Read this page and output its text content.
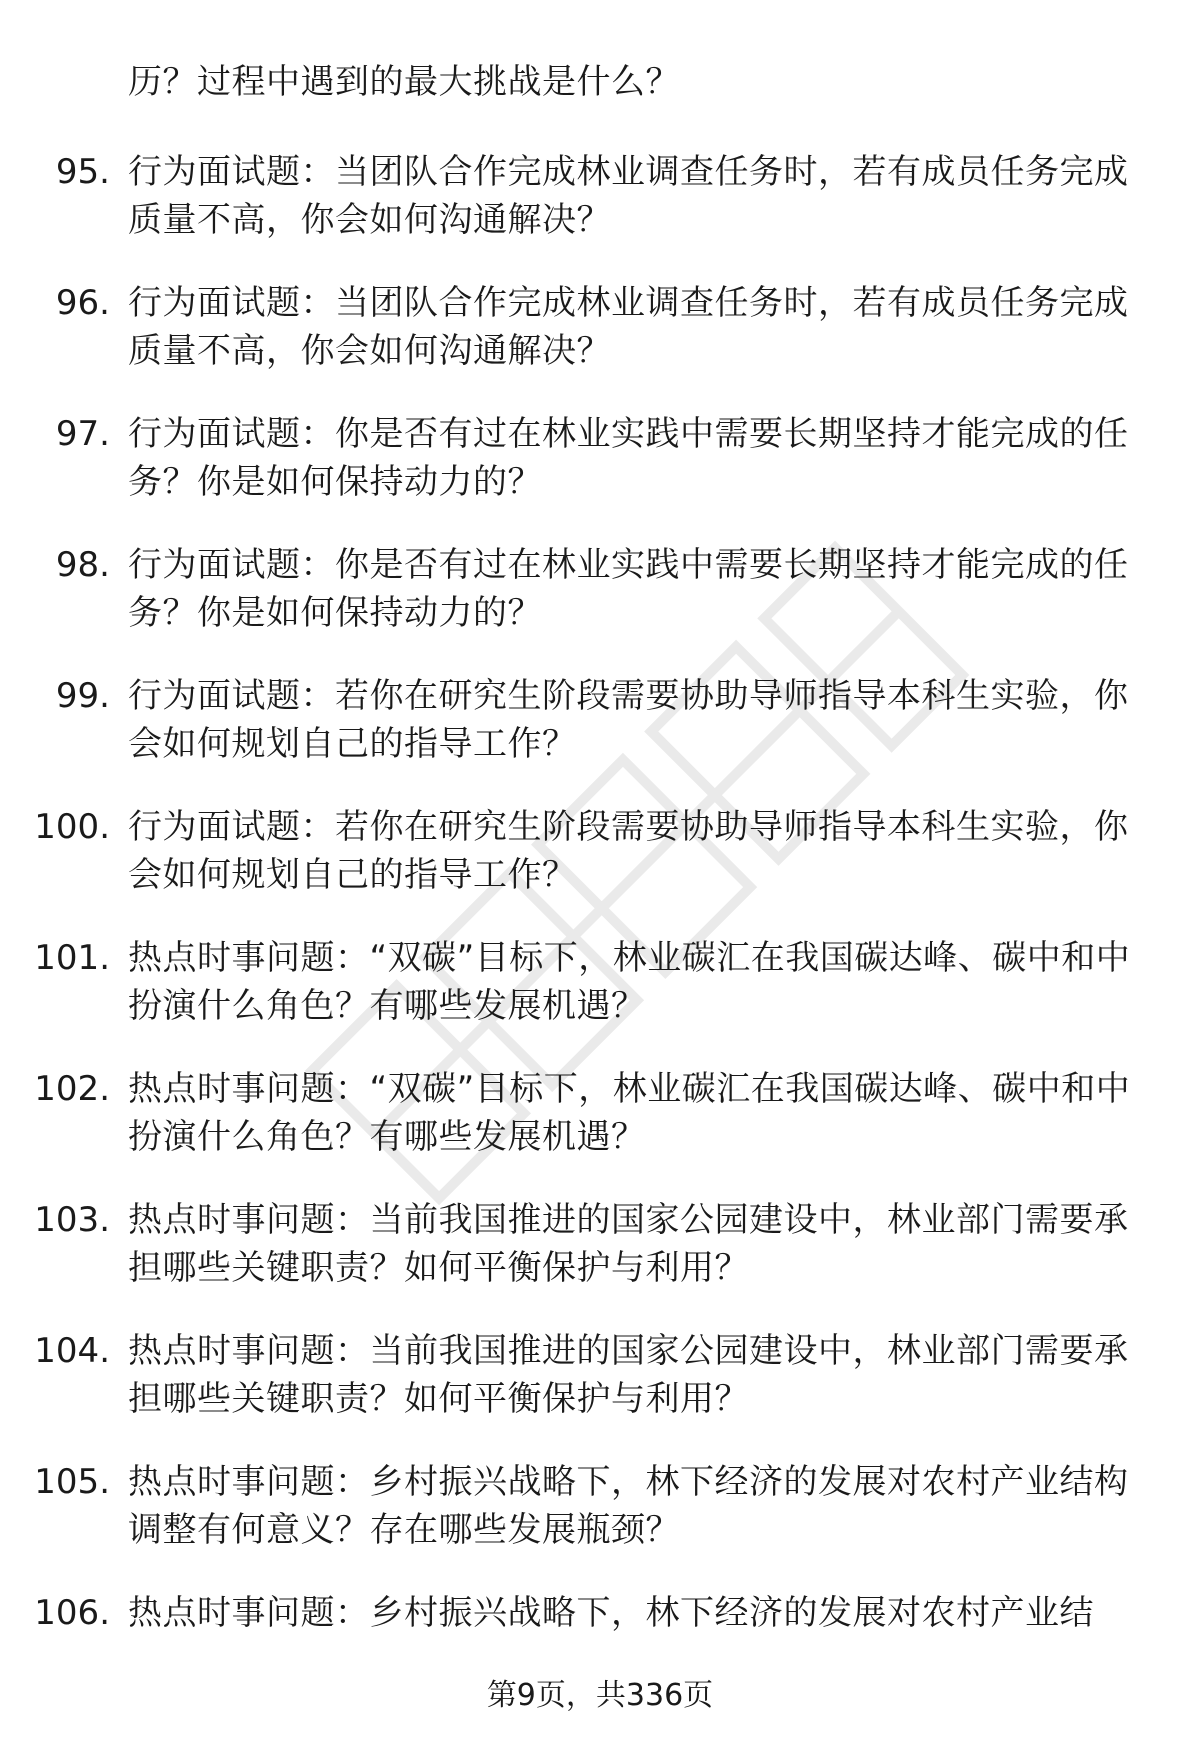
历？过程中遇到的最大挑战是什么？
95. 行为面试题：当团队合作完成林业调查任务时，若有成员任务完成质量不高，你会如何沟通解决？
96. 行为面试题：当团队合作完成林业调查任务时，若有成员任务完成质量不高，你会如何沟通解决？
97. 行为面试题：你是否有过在林业实践中需要长期坚持才能完成的任务？你是如何保持动力的？
98. 行为面试题：你是否有过在林业实践中需要长期坚持才能完成的任务？你是如何保持动力的？
99. 行为面试题：若你在研究生阶段需要协助导师指导本科生实验，你会如何规划自己的指导工作？
100. 行为面试题：若你在研究生阶段需要协助导师指导本科生实验，你会如何规划自己的指导工作？
101. 热点时事问题：“双碳”目标下，林业碳汇在我国碳达峰、碳中和中扮演什么角色？有哪些发展机遇？
102. 热点时事问题：“双碳”目标下，林业碳汇在我国碳达峰、碳中和中扮演什么角色？有哪些发展机遇？
103. 热点时事问题：当前我国推进的国家公园建设中，林业部门需要承担哪些关键职责？如何平衡保护与利用？
104. 热点时事问题：当前我国推进的国家公园建设中，林业部门需要承担哪些关键职责？如何平衡保护与利用？
105. 热点时事问题：乡村振兴战略下，林下经济的发展对农村产业结构调整有何意义？存在哪些发展瓶颈？
106. 热点时事问题：乡村振兴战略下，林下经济的发展对农村产业结
第9页，共336页
